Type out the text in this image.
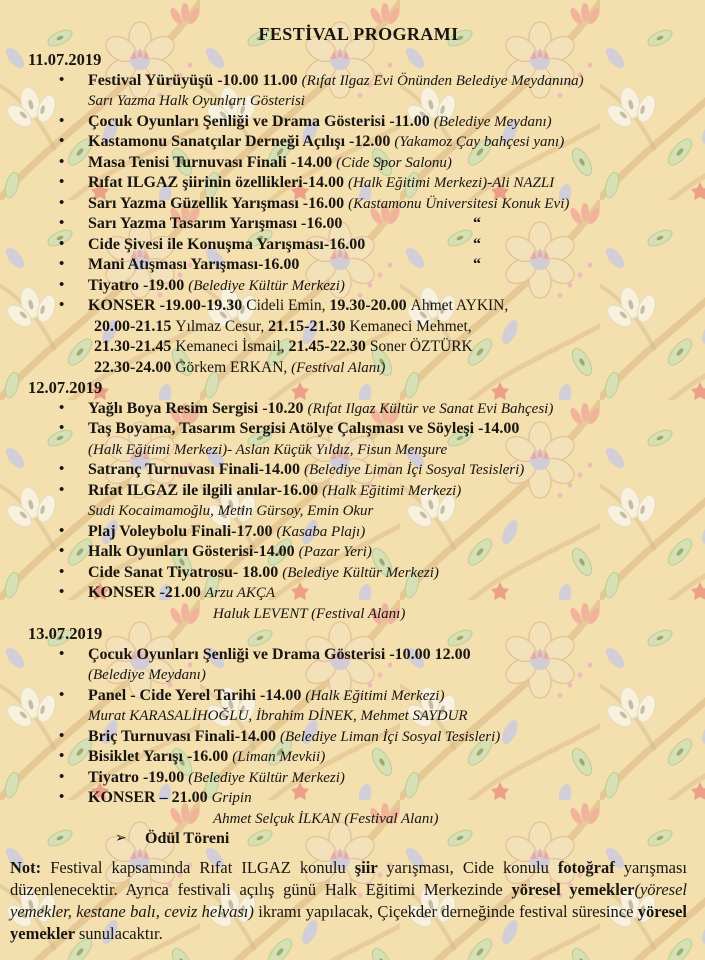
FESTİVAL PROGRAMI
11.07.2019
• Festival Yürüyüşü -10.00 11.00 (Rıfat Ilgaz Evi Önünden Belediye Meydanına)
Sarı Yazma Halk Oyunları Gösterisi
• Çocuk Oyunları Şenliği ve Drama Gösterisi -11.00 (Belediye Meydanı)
• Kastamonu Sanatçılar Derneği Açılışı -12.00 (Yakamoz Çay bahçesi yanı)
• Masa Tenisi Turnuvası Finali -14.00 (Cide Spor Salonu)
• Rıfat ILGAZ şiirinin özellikleri-14.00 (Halk Eğitimi Merkezi)-Ali NAZLI
• Sarı Yazma Güzellik Yarışması -16.00 (Kastamonu Üniversitesi Konuk Evi)
• Sarı Yazma Tasarım Yarışması -16.00	“
• Cide Şivesi ile Konuşma Yarışması-16.00	“
• Mani Atışması Yarışması-16.00	“
• Tiyatro -19.00 (Belediye Kültür Merkezi)
• KONSER -19.00-19.30 Cideli Emin, 19.30-20.00 Ahmet AYKIN,
20.00-21.15 Yılmaz Cesur, 21.15-21.30 Kemaneci Mehmet,
21.30-21.45 Kemaneci İsmail, 21.45-22.30 Soner ÖZTÜRK
22.30-24.00 Görkem ERKAN, (Festival Alanı)
12.07.2019
• Yağlı Boya Resim Sergisi -10.20 (Rıfat Ilgaz Kültür ve Sanat Evi Bahçesi)
• Taş Boyama, Tasarım Sergisi Atölye Çalışması ve Söyleşi -14.00
(Halk Eğitimi Merkezi)- Aslan Küçük Yıldız, Fisun Menşure
• Satranç Turnuvası Finali-14.00 (Belediye Liman İçi Sosyal Tesisleri)
• Rıfat ILGAZ ile ilgili anılar-16.00 (Halk Eğitimi Merkezi)
Sudi Kocaimamoğlu, Metin Gürsoy, Emin Okur
• Plaj Voleybolu Finali-17.00 (Kasaba Plajı)
• Halk Oyunları Gösterisi-14.00 (Pazar Yeri)
• Cide Sanat Tiyatrosu- 18.00 (Belediye Kültür Merkezi)
• KONSER -21.00 Arzu AKÇA
Haluk LEVENT (Festival Alanı)
13.07.2019
• Çocuk Oyunları Şenliği ve Drama Gösterisi -10.00 12.00
(Belediye Meydanı)
• Panel - Cide Yerel Tarihi -14.00 (Halk Eğitimi Merkezi)
Murat KARASALİHOĞLU, İbrahim DİNEK, Mehmet SAYDUR
• Briç Turnuvası Finali-14.00 (Belediye Liman İçi Sosyal Tesisleri)
• Bisiklet Yarışı -16.00 (Liman Mevkii)
• Tiyatro -19.00 (Belediye Kültür Merkezi)
• KONSER – 21.00 Gripin
Ahmet Selçuk İLKAN (Festival Alanı)
➢ Ödül Töreni
Not: Festival kapsamında Rıfat ILGAZ konulu şiir yarışması, Cide konulu fotoğraf yarışması düzenlenecektir. Ayrıca festivali açılış günü Halk Eğitimi Merkezinde yöresel yemekler(yöresel yemekler, kestane balı, ceviz helvası) ikramı yapılacak, Çiçekder derneğinde festival süresince yöresel yemekler sunulacaktır.
